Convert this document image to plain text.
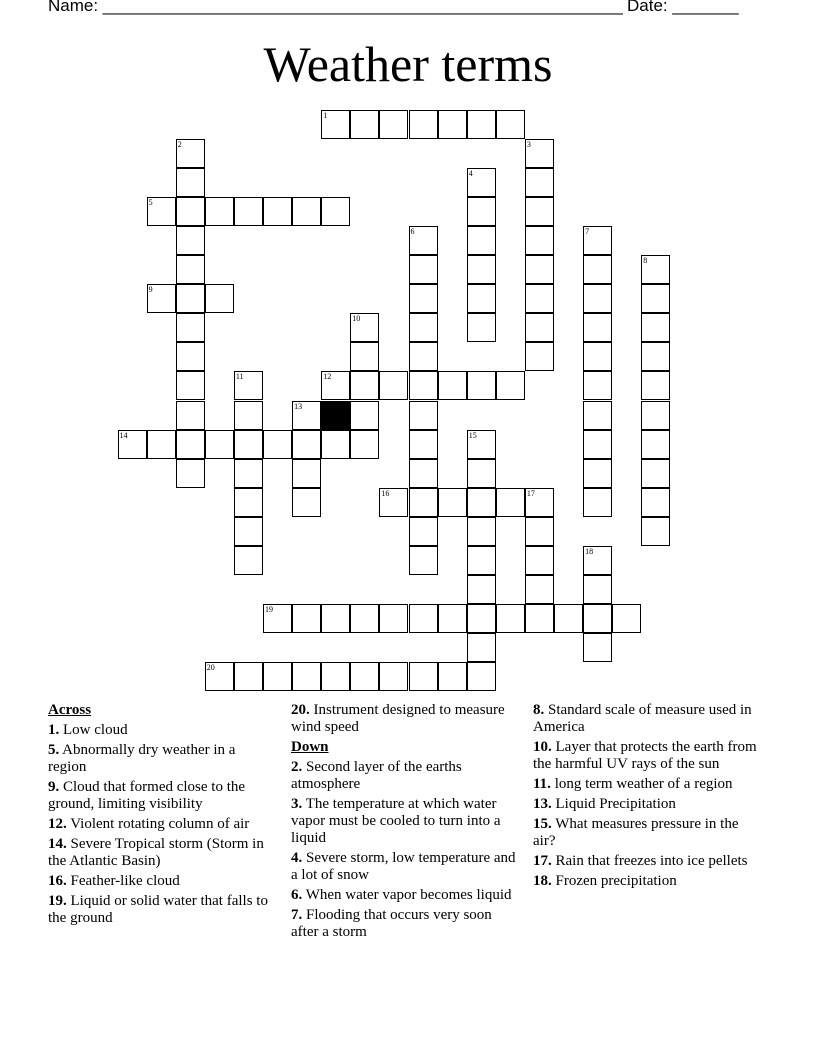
Name: _______________________________________________________ Date: _______
Weather terms
1
2	3
4
5
6	7
8
9
10
11	12
13
14	15
16	17
18
19
20
Across
1. Low cloud
5. Abnormally dry weather in a region
9. Cloud that formed close to the ground, limiting visibility
12. Violent rotating column of air
14. Severe Tropical storm (Storm in the Atlantic Basin)
16. Feather-like cloud
19. Liquid or solid water that falls to the ground
20. Instrument designed to measure wind speed
Down
2. Second layer of the earths atmosphere
3. The temperature at which water vapor must be cooled to turn into a liquid
4. Severe storm, low temperature and a lot of snow
6. When water vapor becomes liquid
7. Flooding that occurs very soon after a storm
8. Standard scale of measure used in America
10. Layer that protects the earth from the harmful UV rays of the sun
11. long term weather of a region
13. Liquid Precipitation
15. What measures pressure in the air?
17. Rain that freezes into ice pellets
18. Frozen precipitation
